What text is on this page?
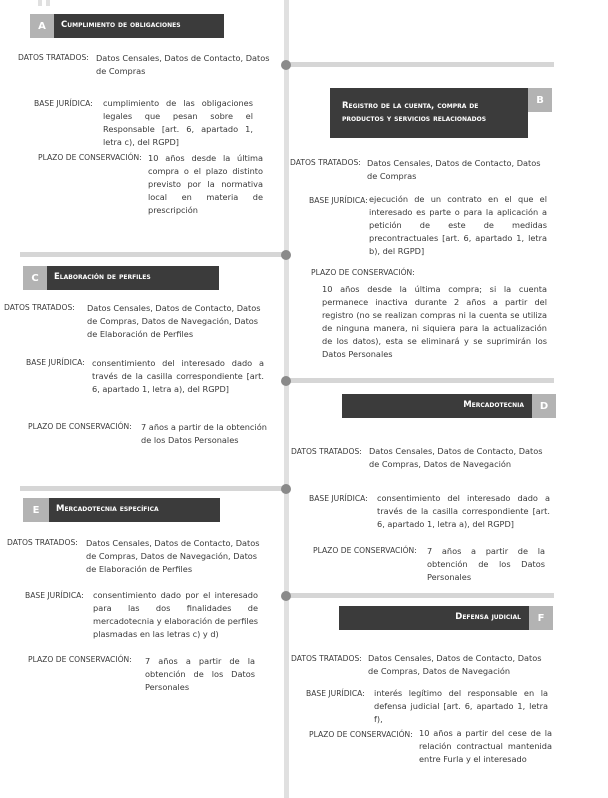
A	Cumplimiento de obligaciones
DATOS TRATADOS: Datos Censales, Datos de Contacto, Datos de Compras
BASE JURÍDICA: cumplimiento de las obligaciones legales que pesan sobre el Responsable [art. 6, apartado 1, letra c), del RGPD]
PLAZO DE CONSERVACIÓN: 10 años desde la última compra o el plazo distinto previsto por la normativa local en materia de prescripción
Registro de la cuenta, compra de productos y servicios relacionados
B
DATOS TRATADOS: Datos Censales, Datos de Contacto, Datos de Compras
BASE JURÍDICA: ejecución de un contrato en el que el interesado es parte o para la aplicación a petición de este de medidas precontractuales [art. 6, apartado 1, letra b), del RGPD]
PLAZO DE CONSERVACIÓN:
10 años desde la última compra; si la cuenta permanece inactiva durante 2 años a partir del registro (no se realizan compras ni la cuenta se utiliza de ninguna manera, ni siquiera para la actualización de los datos), esta se eliminará y se suprimirán los Datos Personales
C	Elaboración de perfiles
DATOS TRATADOS: Datos Censales, Datos de Contacto, Datos de Compras, Datos de Navegación, Datos de Elaboración de Perfiles
BASE JURÍDICA: consentimiento del interesado dado a través de la casilla correspondiente [art. 6, apartado 1, letra a), del RGPD]
PLAZO DE CONSERVACIÓN: 7 años a partir de la obtención de los Datos Personales
Mercadotecnia	D
DATOS TRATADOS: Datos Censales, Datos de Contacto, Datos de Compras, Datos de Navegación
BASE JURÍDICA: consentimiento del interesado dado a través de la casilla correspondiente [art. 6, apartado 1, letra a), del RGPD]
PLAZO DE CONSERVACIÓN: 7 años a partir de la obtención de los Datos Personales
E	Mercadotecnia específica
DATOS TRATADOS: Datos Censales, Datos de Contacto, Datos de Compras, Datos de Navegación, Datos de Elaboración de Perfiles
BASE JURÍDICA: consentimiento dado por el interesado para las dos finalidades de mercadotecnia y elaboración de perfiles plasmadas en las letras c) y d)
PLAZO DE CONSERVACIÓN: 7 años a partir de la obtención de los Datos Personales
Defensa judicial	F
DATOS TRATADOS: Datos Censales, Datos de Contacto, Datos de Compras, Datos de Navegación
BASE JURÍDICA: interés legítimo del responsable en la defensa judicial [art. 6, apartado 1, letra f),
PLAZO DE CONSERVACIÓN: 10 años a partir del cese de la relación contractual mantenida entre Furla y el interesado
